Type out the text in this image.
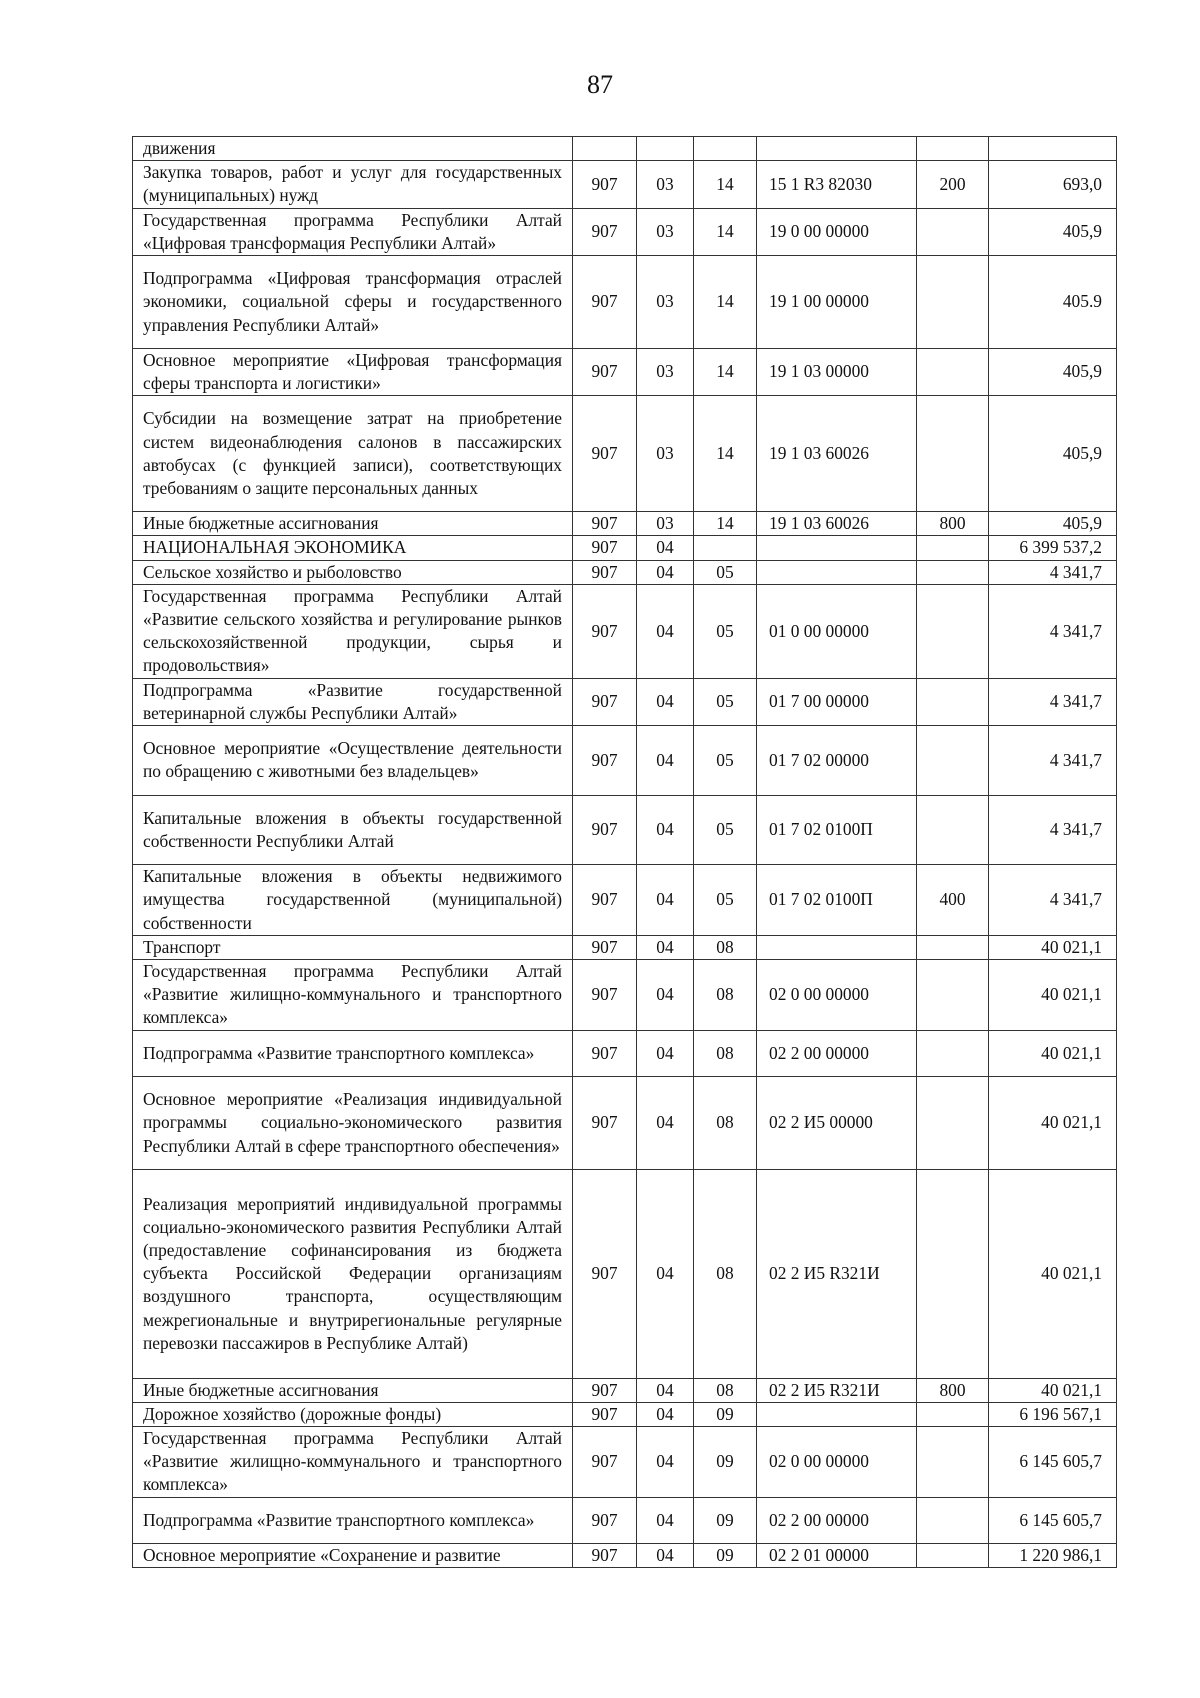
87
движения						
Закупка товаров, работ и услуг для государственных (муниципальных) нужд	907	03	14	15 1 R3 82030	200	693,0
Государственная программа Республики Алтай «Цифровая трансформация Республики Алтай»	907	03	14	19 0 00 00000		405,9
Подпрограмма «Цифровая трансформация отраслей экономики, социальной сферы и государственного управления Республики Алтай»	907	03	14	19 1 00 00000		405.9
Основное мероприятие «Цифровая трансформация сферы транспорта и логистики»	907	03	14	19 1 03 00000		405,9
Субсидии на возмещение затрат на приобретение систем видеонаблюдения салонов в пассажирских автобусах (с функцией записи), соответствующих требованиям о защите персональных данных	907	03	14	19 1 03 60026		405,9
Иные бюджетные ассигнования	907	03	14	19 1 03 60026	800	405,9
НАЦИОНАЛЬНАЯ ЭКОНОМИКА	907	04				6 399 537,2
Сельское хозяйство и рыболовство	907	04	05			4 341,7
Государственная программа Республики Алтай «Развитие сельского хозяйства и регулирование рынков сельскохозяйственной продукции, сырья и продовольствия»	907	04	05	01 0 00 00000		4 341,7
Подпрограмма «Развитие государственной ветеринарной службы Республики Алтай»	907	04	05	01 7 00 00000		4 341,7
Основное мероприятие «Осуществление деятельности по обращению с животными без владельцев»	907	04	05	01 7 02 00000		4 341,7
Капитальные вложения в объекты государственной собственности Республики Алтай	907	04	05	01 7 02 0100П		4 341,7
Капитальные вложения в объекты недвижимого имущества государственной (муниципальной) собственности	907	04	05	01 7 02 0100П	400	4 341,7
Транспорт	907	04	08			40 021,1
Государственная программа Республики Алтай «Развитие жилищно-коммунального и транспортного комплекса»	907	04	08	02 0 00 00000		40 021,1
Подпрограмма «Развитие транспортного комплекса»	907	04	08	02 2 00 00000		40 021,1
Основное мероприятие «Реализация индивидуальной программы социально-экономического развития Республики Алтай в сфере транспортного обеспечения»	907	04	08	02 2 И5 00000		40 021,1
Реализация мероприятий индивидуальной программы социально-экономического развития Республики Алтай (предоставление софинансирования из бюджета субъекта Российской Федерации организациям воздушного транспорта, осуществляющим межрегиональные и внутрирегиональные регулярные перевозки пассажиров в Республике Алтай)	907	04	08	02 2 И5 R321И		40 021,1
Иные бюджетные ассигнования	907	04	08	02 2 И5 R321И	800	40 021,1
Дорожное хозяйство (дорожные фонды)	907	04	09			6 196 567,1
Государственная программа Республики Алтай «Развитие жилищно-коммунального и транспортного комплекса»	907	04	09	02 0 00 00000		6 145 605,7
Подпрограмма «Развитие транспортного комплекса»	907	04	09	02 2 00 00000		6 145 605,7
Основное мероприятие «Сохранение и развитие	907	04	09	02 2 01 00000		1 220 986,1
